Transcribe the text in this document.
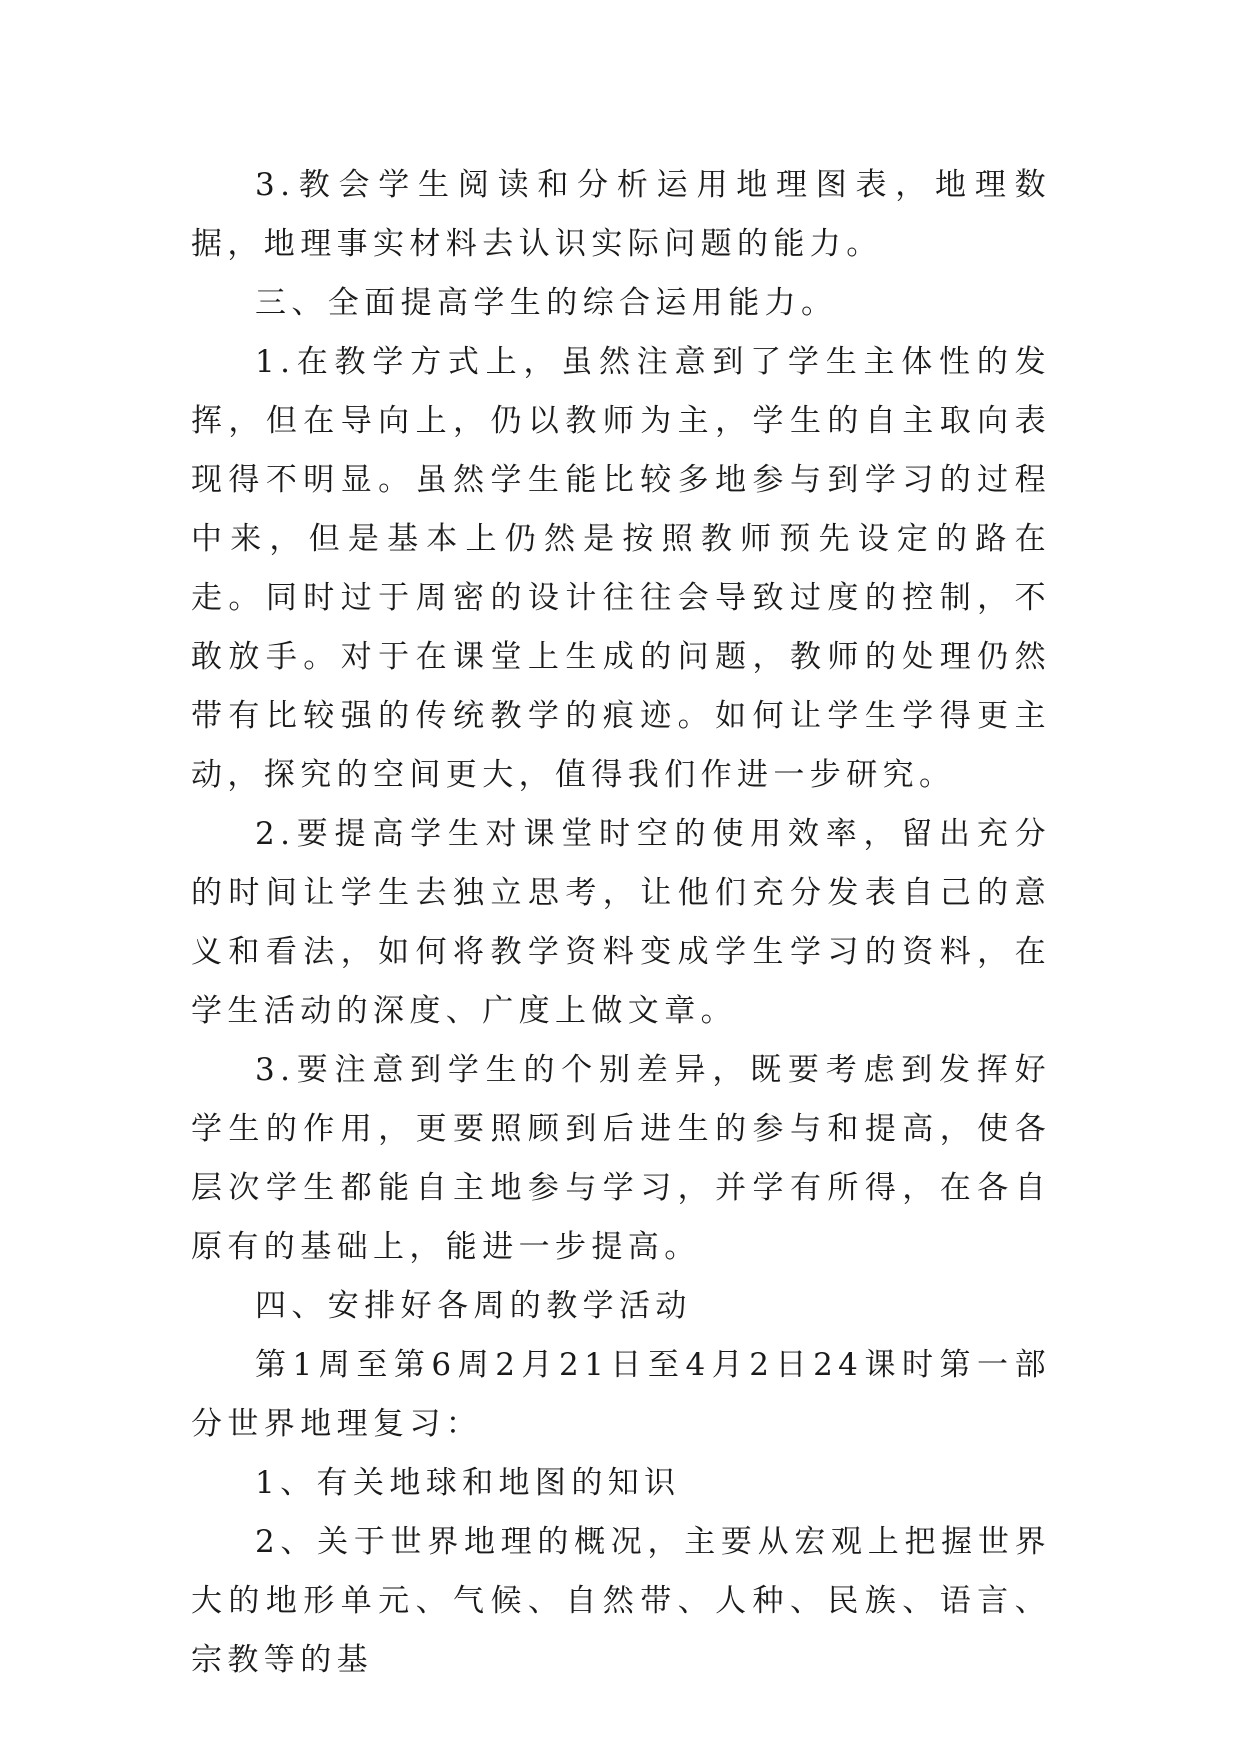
3.教会学生阅读和分析运用地理图表，地理数据，地理事实材料去认识实际问题的能力。

三、全面提高学生的综合运用能力。

1.在教学方式上，虽然注意到了学生主体性的发挥，但在导向上，仍以教师为主，学生的自主取向表现得不明显。虽然学生能比较多地参与到学习的过程中来，但是基本上仍然是按照教师预先设定的路在走。同时过于周密的设计往往会导致过度的控制，不敢放手。对于在课堂上生成的问题，教师的处理仍然带有比较强的传统教学的痕迹。如何让学生学得更主动，探究的空间更大，值得我们作进一步研究。

2.要提高学生对课堂时空的使用效率，留出充分的时间让学生去独立思考，让他们充分发表自己的意义和看法，如何将教学资料变成学生学习的资料，在学生活动的深度、广度上做文章。

3.要注意到学生的个别差异，既要考虑到发挥好学生的作用，更要照顾到后进生的参与和提高，使各层次学生都能自主地参与学习，并学有所得，在各自原有的基础上，能进一步提高。

四、安排好各周的教学活动

第1周至第6周2月21日至4月2日24课时第一部分世界地理复习：

1、有关地球和地图的知识

2、关于世界地理的概况，主要从宏观上把握世界大的地形单元、气候、自然带、人种、民族、语言、宗教等的基
